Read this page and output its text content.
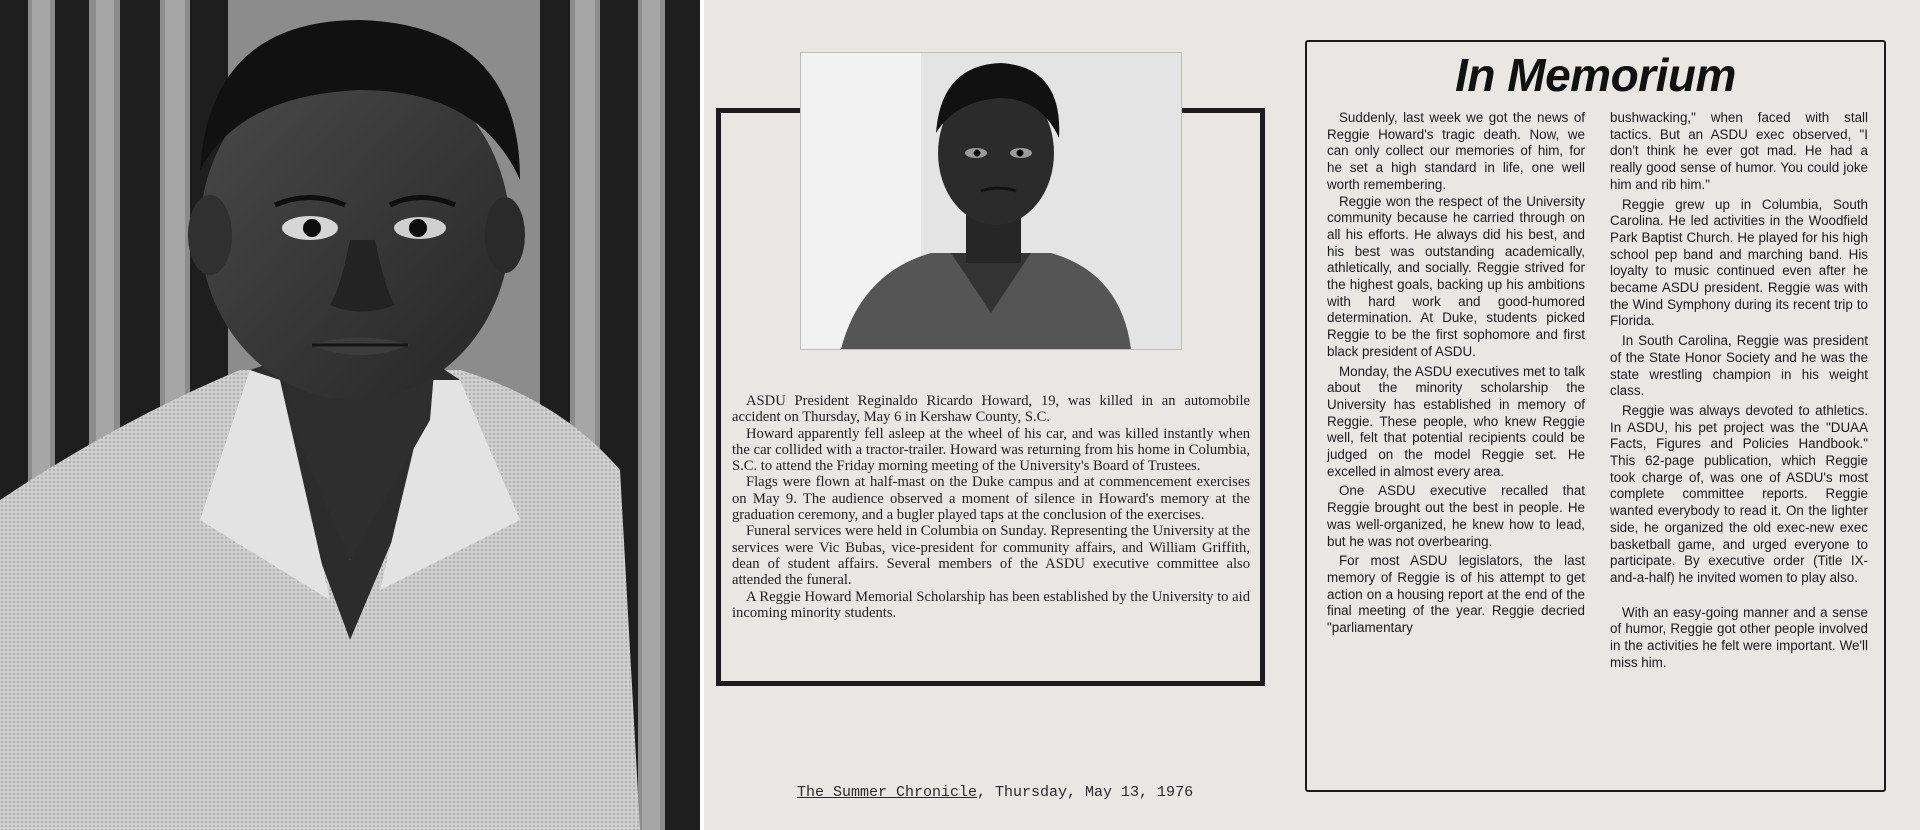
ASDU President Reginaldo Ricardo Howard, 19, was killed in an automobile accident on Thursday, May 6 in Kershaw County, S.C.

Howard apparently fell asleep at the wheel of his car, and was killed instantly when the car collided with a tractor-trailer. Howard was returning from his home in Columbia, S.C. to attend the Friday morning meeting of the University's Board of Trustees.

Flags were flown at half-mast on the Duke campus and at commencement exercises on May 9. The audience observed a moment of silence in Howard's memory at the graduation ceremony, and a bugler played taps at the conclusion of the exercises.

Funeral services were held in Columbia on Sunday. Representing the University at the services were Vic Bubas, vice-president for community affairs, and William Griffith, dean of student affairs. Several members of the ASDU executive committee also attended the funeral.

A Reggie Howard Memorial Scholarship has been established by the University to aid incoming minority students.

The Summer Chronicle, Thursday, May 13, 1976
In Memorium

Suddenly, last week we got the news of Reggie Howard's tragic death. Now, we can only collect our memories of him, for he set a high standard in life, one well worth remembering.

Reggie won the respect of the University community because he carried through on all his efforts. He always did his best, and his best was outstanding academically, athletically, and socially. Reggie strived for the highest goals, backing up his ambitions with hard work and good-humored determination. At Duke, students picked Reggie to be the first sophomore and first black president of ASDU.

Monday, the ASDU executives met to talk about the minority scholarship the University has established in memory of Reggie. These people, who knew Reggie well, felt that potential recipients could be judged on the model Reggie set. He excelled in almost every area.

One ASDU executive recalled that Reggie brought out the best in people. He was well-organized, he knew how to lead, but he was not overbearing.

For most ASDU legislators, the last memory of Reggie is of his attempt to get action on a housing report at the end of the final meeting of the year. Reggie decried "parliamentary

bushwacking," when faced with stall tactics. But an ASDU exec observed, "I don't think he ever got mad. He had a really good sense of humor. You could joke him and rib him."

Reggie grew up in Columbia, South Carolina. He led activities in the Woodfield Park Baptist Church. He played for his high school pep band and marching band. His loyalty to music continued even after he became ASDU president. Reggie was with the Wind Symphony during its recent trip to Florida.

In South Carolina, Reggie was president of the State Honor Society and he was the state wrestling champion in his weight class.

Reggie was always devoted to athletics. In ASDU, his pet project was the "DUAA Facts, Figures and Policies Handbook." This 62-page publication, which Reggie took charge of, was one of ASDU's most complete committee reports. Reggie wanted everybody to read it. On the lighter side, he organized the old exec-new exec basketball game, and urged everyone to participate. By executive order (Title IX-and-a-half) he invited women to play also.

With an easy-going manner and a sense of humor, Reggie got other people involved in the activities he felt were important. We'll miss him.
